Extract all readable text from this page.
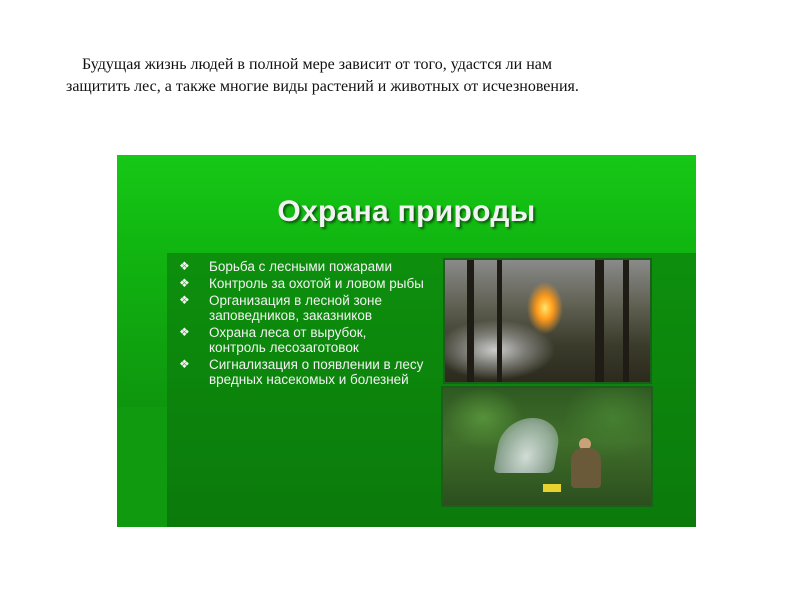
Будущая жизнь людей в полной мере зависит от того, удастся ли нам

защитить лес, а также многие виды растений и животных от исчезновения.

Охрана природы
❖ Борьба с лесными пожарами
❖ Контроль за охотой и ловом рыбы
❖ Организация в лесной зоне заповедников, заказников
❖ Охрана леса от вырубок, контроль лесозаготовок
❖ Сигнализация о появлении в лесу вредных насекомых и болезней
